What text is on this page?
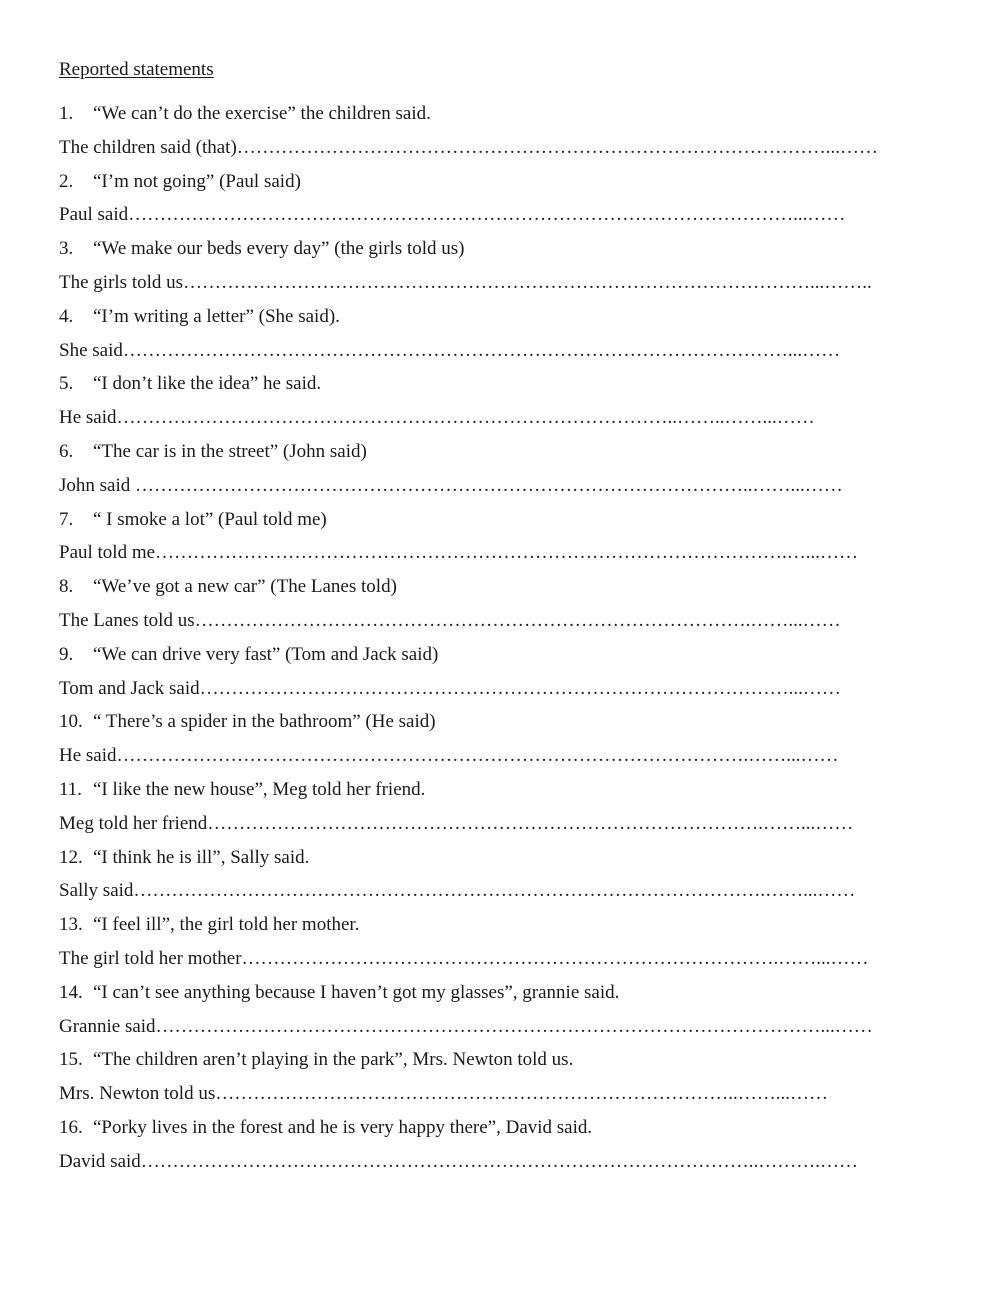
Reported statements
1. “We can’t do the exercise” the children said.
The children said (that)…………………………………………………………………………………...……
2. “I’m not going” (Paul said)
Paul said……………………………………………………………………………………………...……
3. “We make our beds every day” (the girls told us)
The girls told us………………………………………………………………………………………...……..
4. “I’m writing a letter” (She said).
She said……………………………………………………………………………………………...……
5. “I don’t like the idea” he said.
He said……………………………………………………………………………..……..……...……
6. “The car is in the street” (John said)
John said ……………………………………………………………………………………..……...……
7. “ I smoke a lot” (Paul told me)
Paul told me……………………………………………………………………………………….…...……
8. “We’ve got a new car” (The Lanes told)
The Lanes told us…………………………………………………………………………….……...……
9. “We can drive very fast” (Tom and Jack said)
Tom and Jack said…………………………………………………………………………………...……
10. “ There’s a spider in the bathroom” (He said)
He said……………………………………………………………………………………….……...……
11. “I like the new house”, Meg told her friend.
Meg told her friend…………………………………………………………………………….……...……
12. “I think he is ill”, Sally said.
Sally said……………………………………………………………………………………….……...……
13. “I feel ill”, the girl told her mother.
The girl told her mother………………………………………………………………………….……...……
14. “I can’t see anything because I haven’t got my glasses”, grannie said.
Grannie said……………………………………………………………………………………………...……
15. “The children aren’t playing in the park”, Mrs. Newton told us.
Mrs. Newton told us………………………………………………………………………..……...……
16. “Porky lives in the forest and he is very happy there”, David said.
David said……………………………………………………………………………………..……….……
